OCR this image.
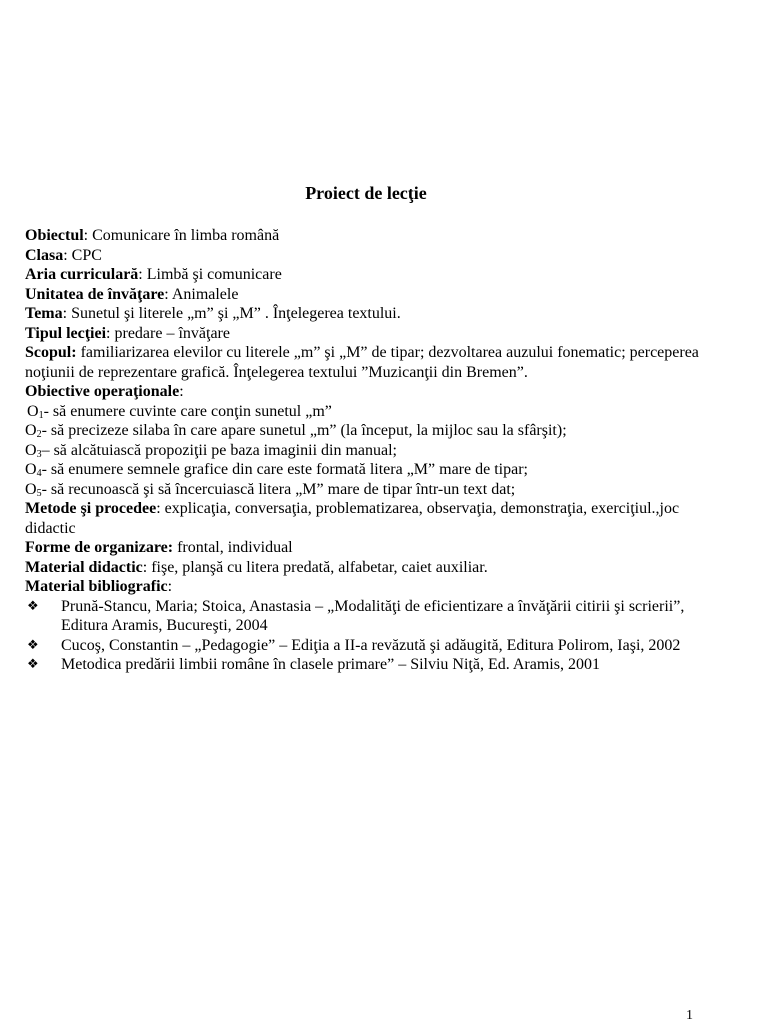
Proiect de lecţie
Obiectul: Comunicare în limba română
Clasa: CPC
Aria curriculară: Limbă şi comunicare
Unitatea de învăţare: Animalele
Tema: Sunetul şi literele „m” şi „M” . Înţelegerea textului.
Tipul lecţiei: predare – învăţare
Scopul: familiarizarea elevilor cu literele „m” şi „M” de tipar; dezvoltarea auzului fonematic; perceperea noţiunii de reprezentare grafică. Înţelegerea textului ”Muzicanţii din Bremen”.
Obiective operaţionale:
$O_1-$ să enumere cuvinte care conţin sunetul „m”
$O_2-$ să precizeze silaba în care apare sunetul „m” (la început, la mijloc sau la sfârşit);
$O_3-$ să alcătuiască propoziţii pe baza imaginii din manual;
$O_4-$ să enumere semnele grafice din care este formată litera „M” mare de tipar;
$O_5-$ să recunoască şi să încercuiască litera „M” mare de tipar într-un text dat;
Metode şi procedee: explicaţia, conversaţia, problematizarea, observaţia, demonstraţia, exerciţiul.,joc didactic
Forme de organizare: frontal, individual
Material didactic: fişe, planşă cu litera predată, alfabetar, caiet auxiliar.
Material bibliografic:
❖	Prună-Stancu, Maria; Stoica, Anastasia – „Modalităţi de eficientizare a învăţării citirii şi scrierii”, Editura Aramis, Bucureşti, 2004
❖	Cucoş, Constantin – „Pedagogie” – Ediţia a II-a revăzută şi adăugită, Editura Polirom, Iaşi, 2002
❖	Metodica predării limbii române în clasele primare” – Silviu Niţă, Ed. Aramis, 2001
1
